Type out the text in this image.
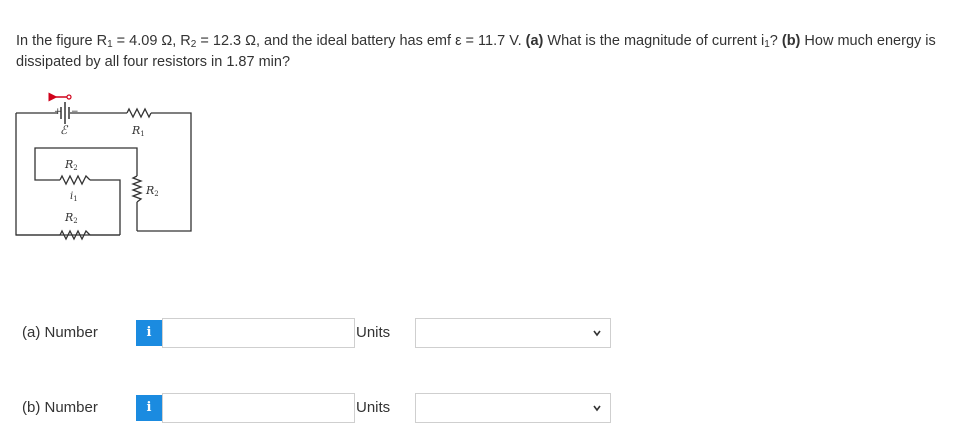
In the figure $R_1 = 4.09$ Ω, $R_2 = 12.3$ Ω, and the ideal battery has emf ε = 11.7 V. (a) What is the magnitude of current $i_1$? (b) How much energy is dissipated by all four resistors in 1.87 min?
+ −
ℰ	R1
R2
$i_1$
R2
R2
(a) Number	i	Units
(b) Number	i	Units
